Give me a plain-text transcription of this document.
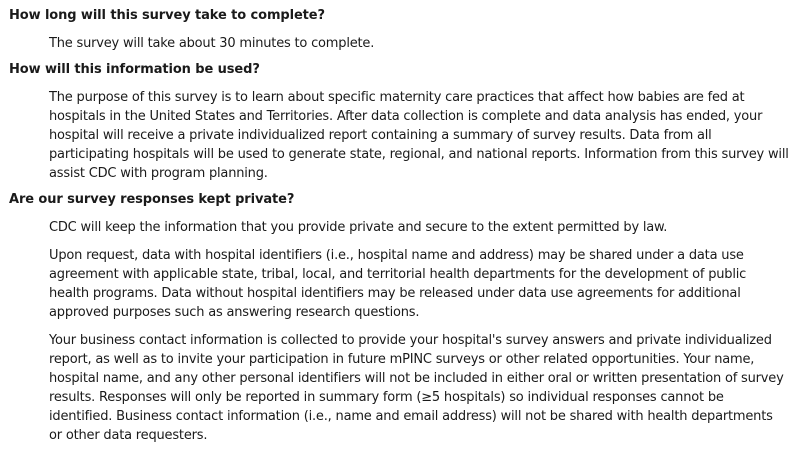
How long will this survey take to complete?

The survey will take about 30 minutes to complete.

How will this information be used?

The purpose of this survey is to learn about specific maternity care practices that affect how babies are fed at hospitals in the United States and Territories. After data collection is complete and data analysis has ended, your hospital will receive a private individualized report containing a summary of survey results. Data from all participating hospitals will be used to generate state, regional, and national reports. Information from this survey will assist CDC with program planning.

Are our survey responses kept private?

CDC will keep the information that you provide private and secure to the extent permitted by law.

Upon request, data with hospital identifiers (i.e., hospital name and address) may be shared under a data use agreement with applicable state, tribal, local, and territorial health departments for the development of public health programs. Data without hospital identifiers may be released under data use agreements for additional approved purposes such as answering research questions.

Your business contact information is collected to provide your hospital's survey answers and private individualized report, as well as to invite your participation in future mPINC surveys or other related opportunities. Your name, hospital name, and any other personal identifiers will not be included in either oral or written presentation of survey results. Responses will only be reported in summary form (≥5 hospitals) so individual responses cannot be identified. Business contact information (i.e., name and email address) will not be shared with health departments or other data requesters.
